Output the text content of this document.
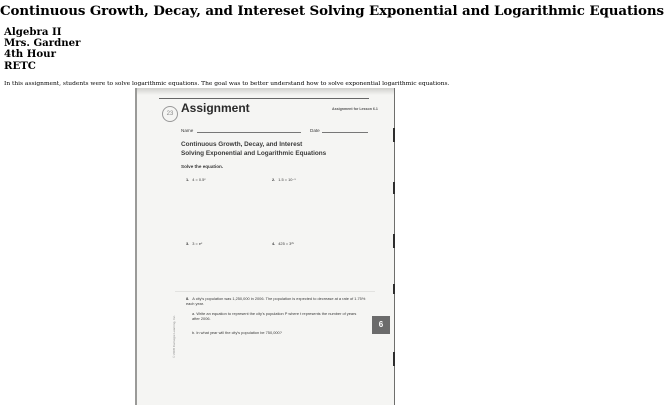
Continuous Growth, Decay, and Intereset Solving Exponential and Logarithmic Equations
Algebra II
Mrs. Gardner
4th Hour
RETC
In this assignment, students were to solve logarithmic equations. The goal was to better understand how to solve exponential logarithmic equations.
23 Assignment	Assignment for Lesson 6.1
Name	Date
Continuous Growth, Decay, and Interest
Solving Exponential and Logarithmic Equations
Solve the equation.
1. 4 = 0.5ˣ	2. 1.5 = 10⁻ˣ
3. 3 = eˣ	4. 425 = 3²ˣ
8. A city's population was 1,250,000 in 2006. The population is expected to decrease at a rate of 1.75% each year.
a. Write an equation to represent the city's population P where t represents the number of years after 2006.
b. In what year will the city's population be 750,000?
© 2008 Carnegie Learning, Inc.	6
